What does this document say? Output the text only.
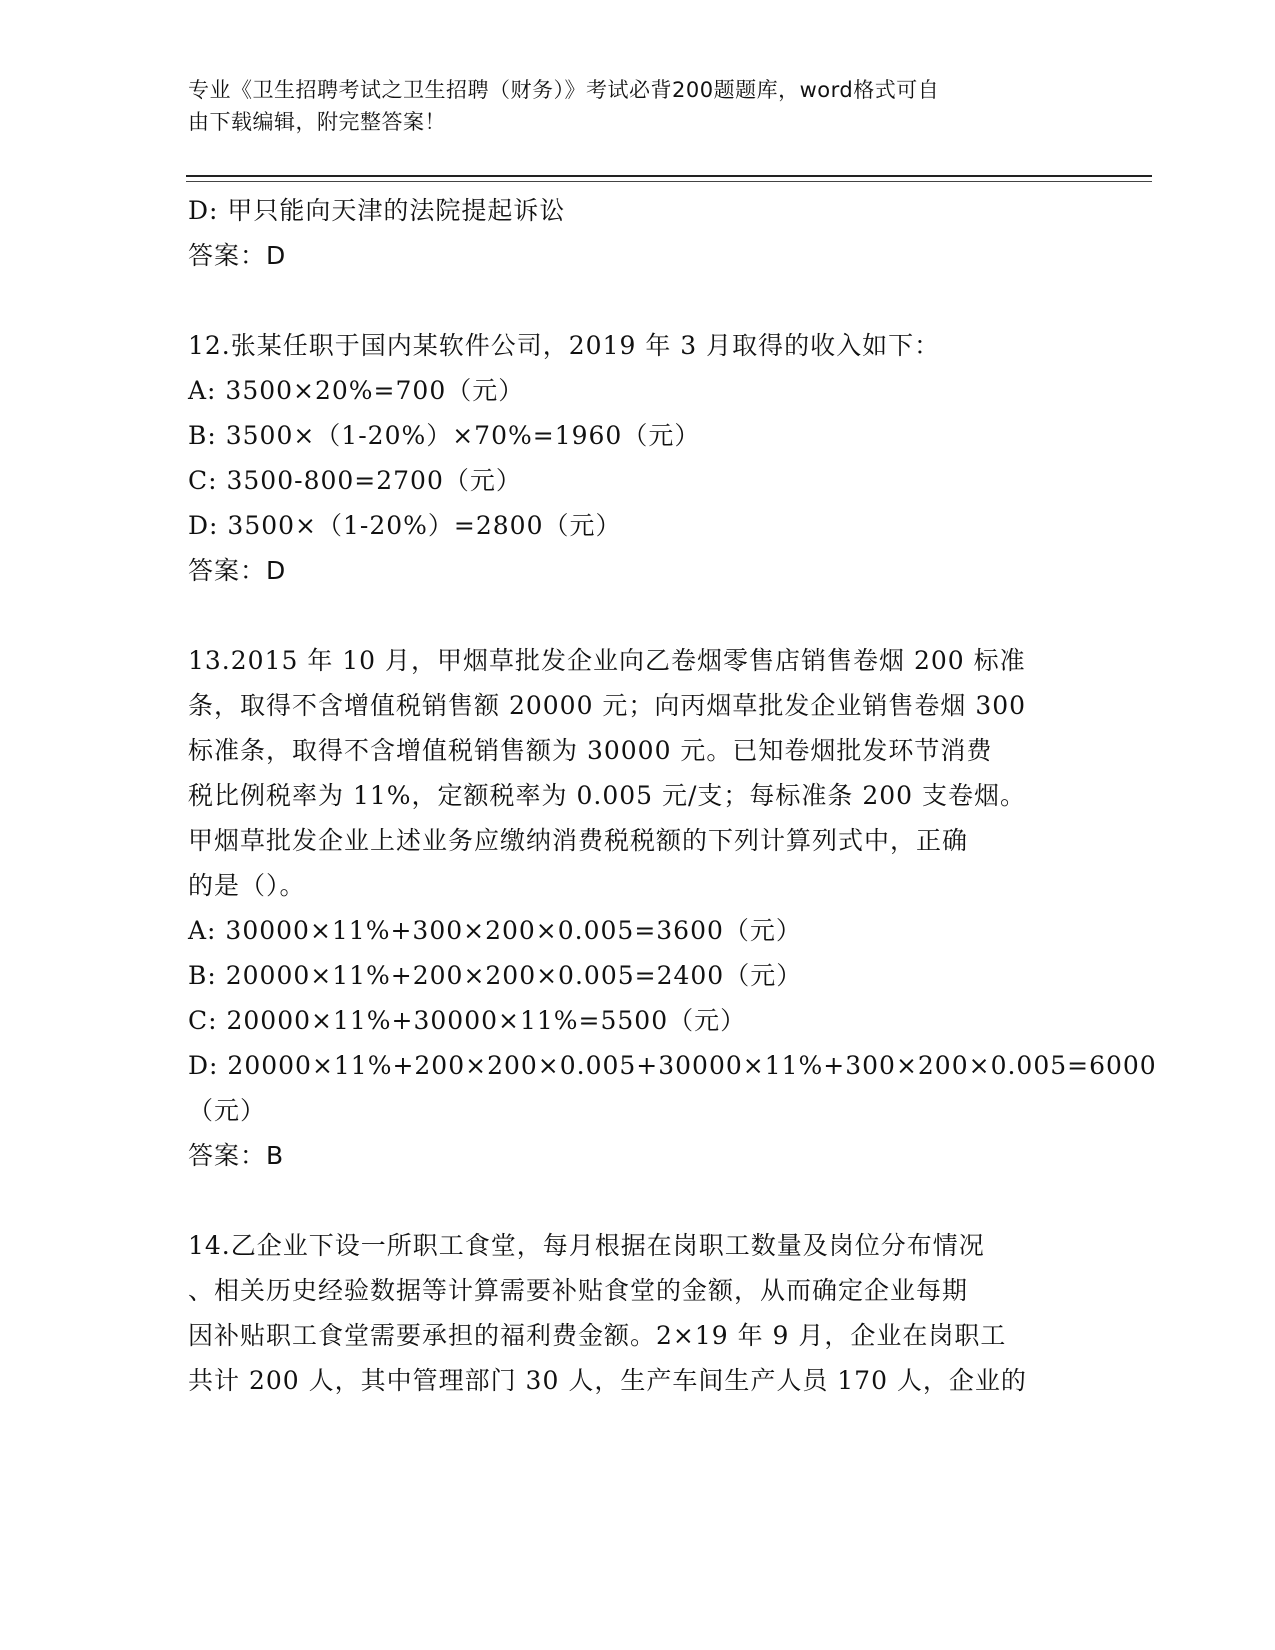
专业《卫生招聘考试之卫生招聘（财务）》考试必背200题题库，word格式可自
由下载编辑，附完整答案！
D: 甲只能向天津的法院提起诉讼
答案：D
12.张某任职于国内某软件公司，2019 年 3 月取得的收入如下：
A: 3500×20%=700（元）
B: 3500×（1-20%）×70%=1960（元）
C: 3500-800=2700（元）
D: 3500×（1-20%）=2800（元）
答案：D
13.2015 年 10 月，甲烟草批发企业向乙卷烟零售店销售卷烟 200 标准
条，取得不含增值税销售额 20000 元；向丙烟草批发企业销售卷烟 300
标准条，取得不含增值税销售额为 30000 元。已知卷烟批发环节消费
税比例税率为 11%，定额税率为 0.005 元/支；每标准条 200 支卷烟。
甲烟草批发企业上述业务应缴纳消费税税额的下列计算列式中，正确
的是（）。
A: 30000×11%+300×200×0.005=3600（元）
B: 20000×11%+200×200×0.005=2400（元）
C: 20000×11%+30000×11%=5500（元）
D: 20000×11%+200×200×0.005+30000×11%+300×200×0.005=6000
（元）
答案：B
14.乙企业下设一所职工食堂，每月根据在岗职工数量及岗位分布情况
、相关历史经验数据等计算需要补贴食堂的金额，从而确定企业每期
因补贴职工食堂需要承担的福利费金额。2×19 年 9 月，企业在岗职工
共计 200 人，其中管理部门 30 人，生产车间生产人员 170 人，企业的
